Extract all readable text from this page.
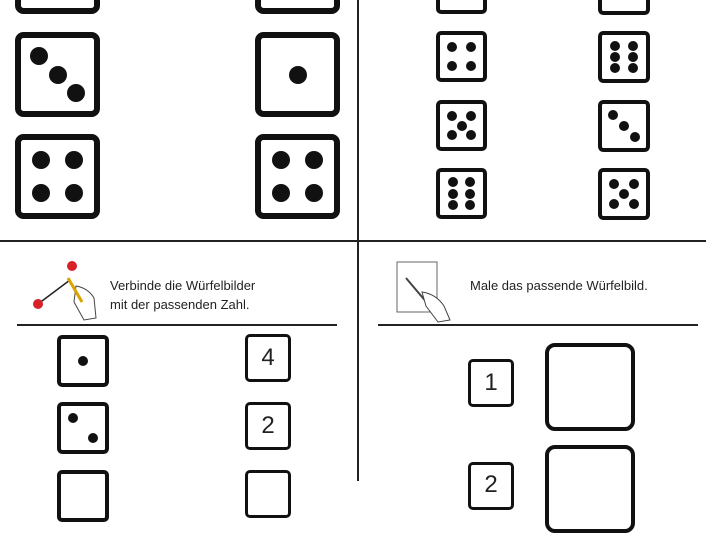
Verbinde die Würfelbilder
mit der passenden Zahl.
Male das passende Würfelbild.
4
2
1
2
